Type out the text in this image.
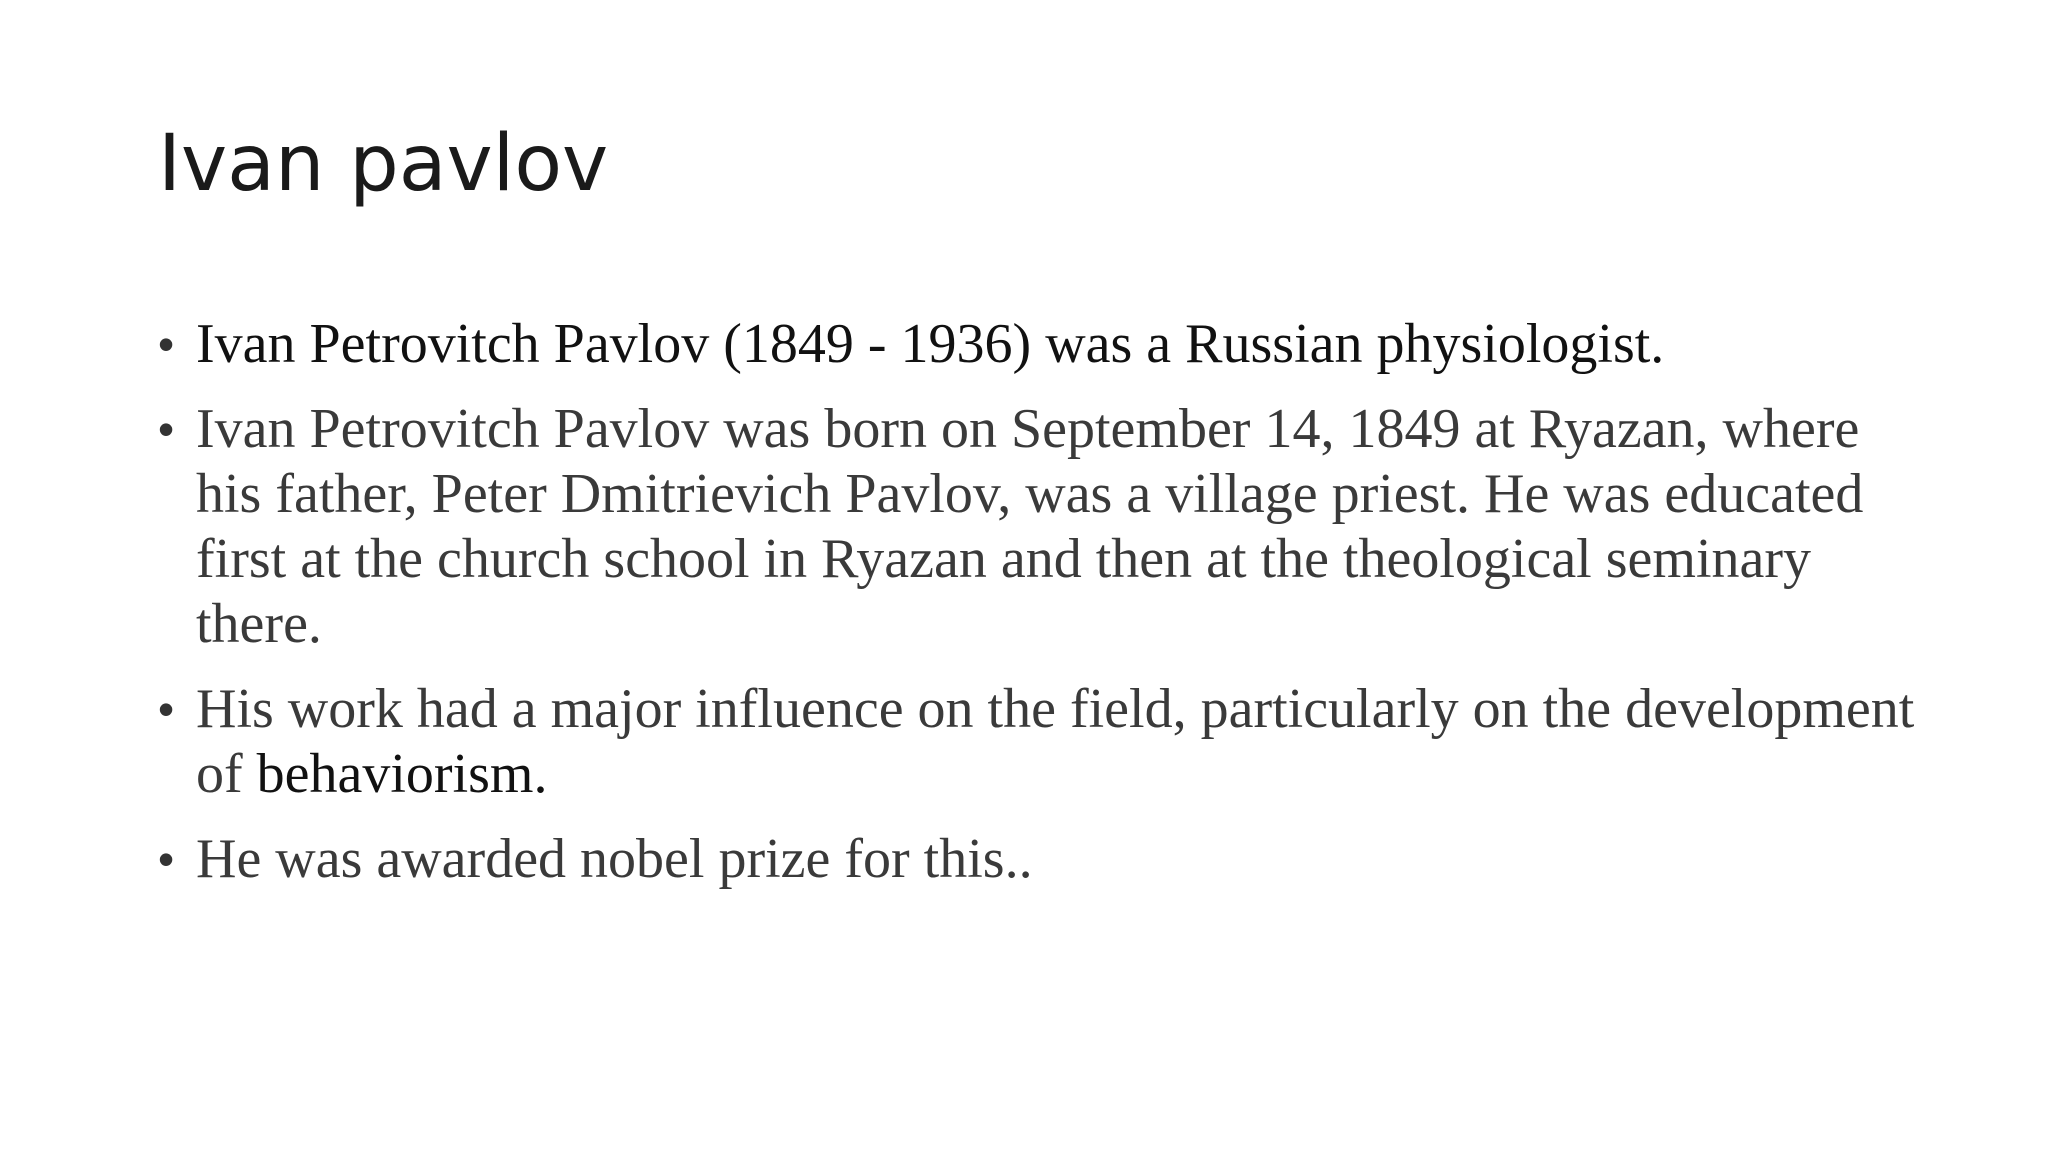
Ivan pavlov
• Ivan Petrovitch Pavlov (1849 - 1936) was a Russian physiologist.
• Ivan Petrovitch Pavlov was born on September 14, 1849 at Ryazan, where his father, Peter Dmitrievich Pavlov, was a village priest. He was educated first at the church school in Ryazan and then at the theological seminary there.
• His work had a major influence on the field, particularly on the development of behaviorism.
• He was awarded nobel prize for this..
